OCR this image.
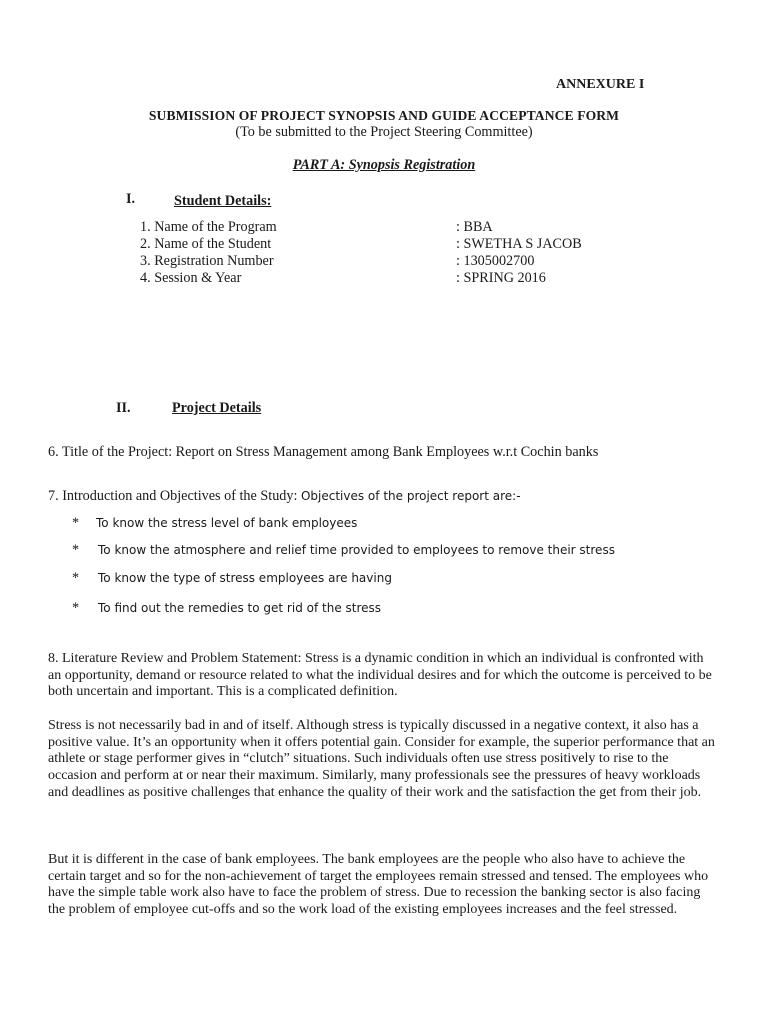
ANNEXURE I
SUBMISSION OF PROJECT SYNOPSIS AND GUIDE ACCEPTANCE FORM
(To be submitted to the Project Steering Committee)
PART A: Synopsis Registration
I.	Student Details:
1. Name of the Program	: BBA
2. Name of the Student	: SWETHA S JACOB
3. Registration Number	: 1305002700
4. Session & Year	: SPRING 2016
II.	Project Details
6. Title of the Project: Report on Stress Management among Bank Employees w.r.t Cochin banks
7. Introduction and Objectives of the Study: Objectives of the project report are:-
* To know the stress level of bank employees
* To know the atmosphere and relief time provided to employees to remove their stress
* To know the type of stress employees are having
* To find out the remedies to get rid of the stress
8. Literature Review and Problem Statement: Stress is a dynamic condition in which an individual is confronted with an opportunity, demand or resource related to what the individual desires and for which the outcome is perceived to be both uncertain and important. This is a complicated definition.
Stress is not necessarily bad in and of itself. Although stress is typically discussed in a negative context, it also has a positive value. It’s an opportunity when it offers potential gain. Consider for example, the superior performance that an athlete or stage performer gives in “clutch” situations. Such individuals often use stress positively to rise to the occasion and perform at or near their maximum. Similarly, many professionals see the pressures of heavy workloads and deadlines as positive challenges that enhance the quality of their work and the satisfaction the get from their job.
But it is different in the case of bank employees. The bank employees are the people who also have to achieve the certain target and so for the non-achievement of target the employees remain stressed and tensed. The employees who have the simple table work also have to face the problem of stress. Due to recession the banking sector is also facing the problem of employee cut-offs and so the work load of the existing employees increases and the feel stressed.
